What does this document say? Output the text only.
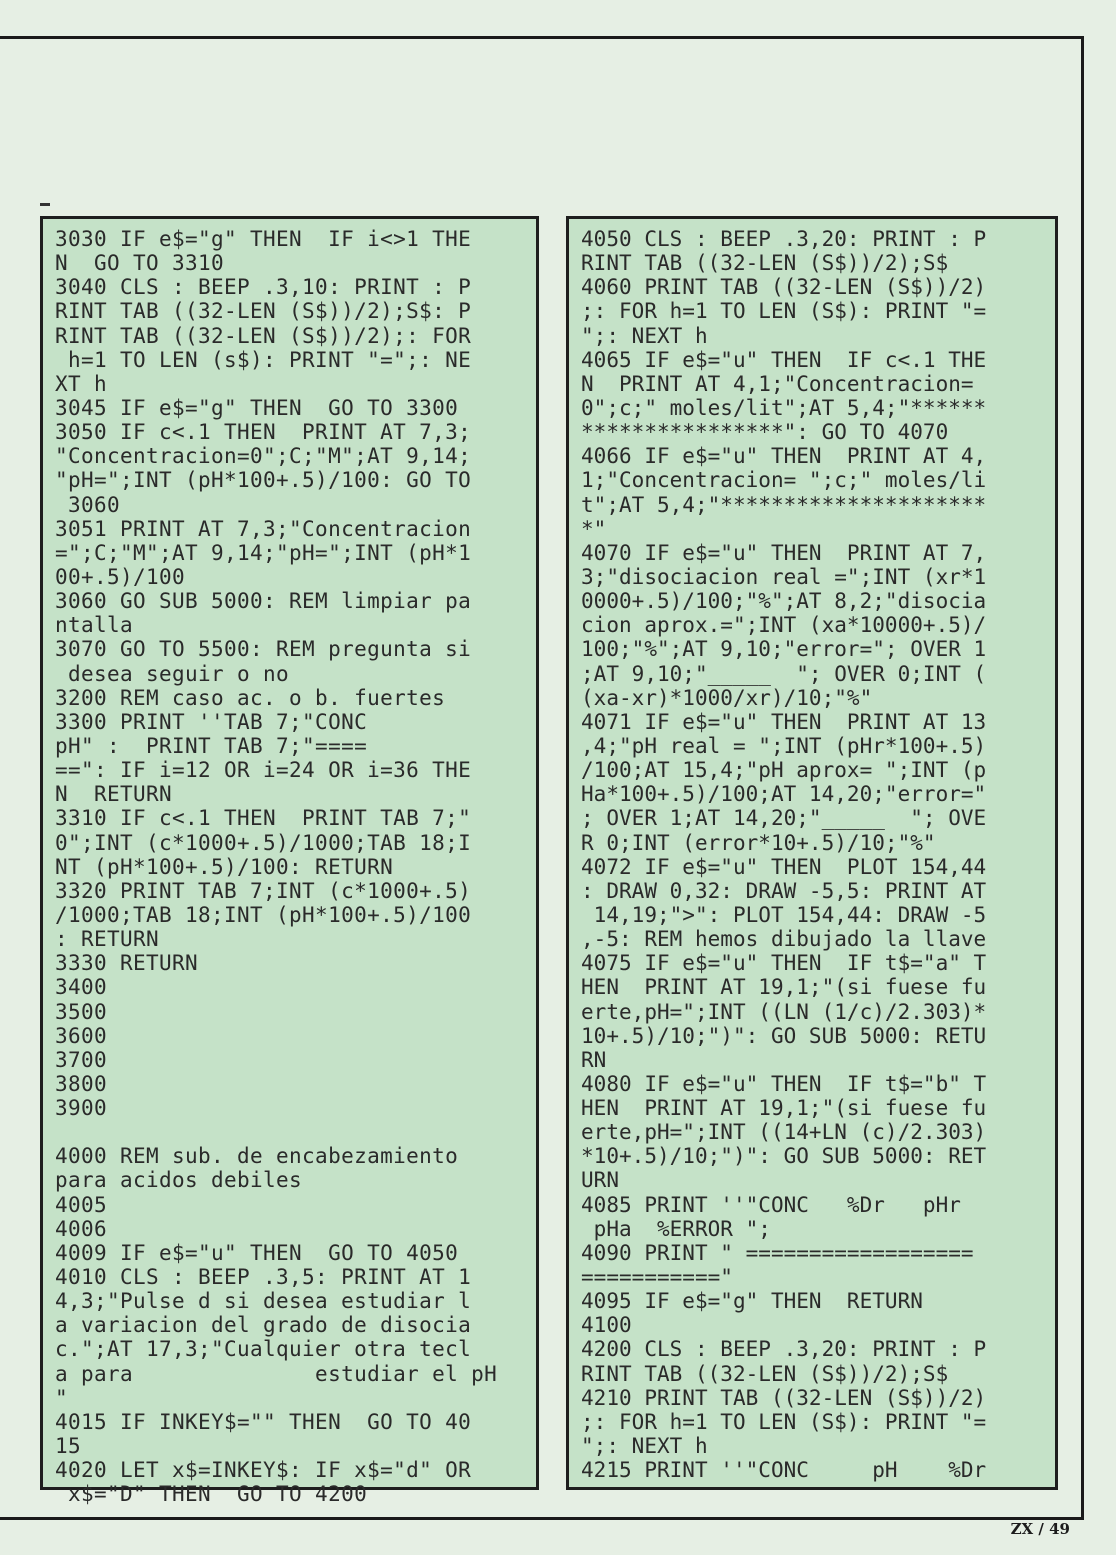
3030 IF e$="g" THEN  IF i<>1 THE
N  GO TO 3310
3040 CLS : BEEP .3,10: PRINT : P
RINT TAB ((32-LEN (S$))/2);S$: P
RINT TAB ((32-LEN (S$))/2);: FOR
h=1 TO LEN (s$): PRINT "=";: NE
XT h
3045 IF e$="g" THEN  GO TO 3300
3050 IF c<.1 THEN  PRINT AT 7,3;
"Concentracion=0";C;"M";AT 9,14;
"pH=";INT (pH*100+.5)/100: GO TO
3060
3051 PRINT AT 7,3;"Concentracion
=";C;"M";AT 9,14;"pH=";INT (pH*1
00+.5)/100
3060 GO SUB 5000: REM limpiar pa
ntalla
3070 GO TO 5500: REM pregunta si
desea seguir o no
3200 REM caso ac. o b. fuertes
3300 PRINT ''TAB 7;"CONC
pH" :  PRINT TAB 7;"====
==": IF i=12 OR i=24 OR i=36 THE
N  RETURN
3310 IF c<.1 THEN  PRINT TAB 7;"
0";INT (c*1000+.5)/1000;TAB 18;I
NT (pH*100+.5)/100: RETURN
3320 PRINT TAB 7;INT (c*1000+.5)
/1000;TAB 18;INT (pH*100+.5)/100
: RETURN
3330 RETURN
3400
3500
3600
3700
3800
3900
4000 REM sub. de encabezamiento
para acidos debiles
4005
4006
4009 IF e$="u" THEN  GO TO 4050
4010 CLS : BEEP .3,5: PRINT AT 1
4,3;"Pulse d si desea estudiar l
a variacion del grado de disocia
c.";AT 17,3;"Cualquier otra tecl
a para              estudiar el pH
"
4015 IF INKEY$="" THEN  GO TO 40
15
4020 LET x$=INKEY$: IF x$="d" OR
x$="D" THEN  GO TO 4200
4050 CLS : BEEP .3,20: PRINT : P
RINT TAB ((32-LEN (S$))/2);S$
4060 PRINT TAB ((32-LEN (S$))/2)
;: FOR h=1 TO LEN (S$): PRINT "=
";: NEXT h
4065 IF e$="u" THEN  IF c<.1 THE
N  PRINT AT 4,1;"Concentracion=
0";c;" moles/lit";AT 5,4;"******
****************": GO TO 4070
4066 IF e$="u" THEN  PRINT AT 4,
1;"Concentracion= ";c;" moles/li
t";AT 5,4;"*********************
*"
4070 IF e$="u" THEN  PRINT AT 7,
3;"disociacion real =";INT (xr*1
0000+.5)/100;"%";AT 8,2;"disocia
cion aprox.=";INT (xa*10000+.5)/
100;"%";AT 9,10;"error="; OVER 1
;AT 9,10;"_____  "; OVER 0;INT (
(xa-xr)*1000/xr)/10;"%"
4071 IF e$="u" THEN  PRINT AT 13
,4;"pH real = ";INT (pHr*100+.5)
/100;AT 15,4;"pH aprox= ";INT (p
Ha*100+.5)/100;AT 14,20;"error="
; OVER 1;AT 14,20;"_____  "; OVE
R 0;INT (error*10+.5)/10;"%"
4072 IF e$="u" THEN  PLOT 154,44
: DRAW 0,32: DRAW -5,5: PRINT AT
14,19;">": PLOT 154,44: DRAW -5
,-5: REM hemos dibujado la llave
4075 IF e$="u" THEN  IF t$="a" T
HEN  PRINT AT 19,1;"(si fuese fu
erte,pH=";INT ((LN (1/c)/2.303)*
10+.5)/10;")": GO SUB 5000: RETU
RN
4080 IF e$="u" THEN  IF t$="b" T
HEN  PRINT AT 19,1;"(si fuese fu
erte,pH=";INT ((14+LN (c)/2.303)
*10+.5)/10;")": GO SUB 5000: RET
URN
4085 PRINT ''"CONC   %Dr   pHr
pHa  %ERROR ";
4090 PRINT " ==================
==========="
4095 IF e$="g" THEN  RETURN
4100
4200 CLS : BEEP .3,20: PRINT : P
RINT TAB ((32-LEN (S$))/2);S$
4210 PRINT TAB ((32-LEN (S$))/2)
;: FOR h=1 TO LEN (S$): PRINT "=
";: NEXT h
4215 PRINT ''"CONC     pH    %Dr
ZX / 49
